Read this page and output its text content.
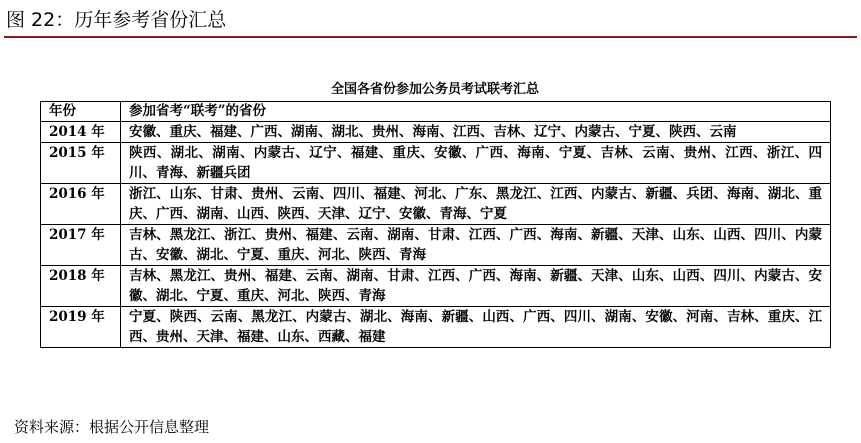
图 22：历年参考省份汇总
全国各省份参加公务员考试联考汇总
年份	参加省考“联考”的省份
2014 年	安徽、重庆、福建、广西、湖南、湖北、贵州、海南、江西、吉林、辽宁、内蒙古、宁夏、陕西、云南
2015 年	陕西、湖北、湖南、内蒙古、辽宁、福建、重庆、安徽、广西、海南、宁夏、吉林、云南、贵州、江西、浙江、四川、青海、新疆兵团
2016 年	浙江、山东、甘肃、贵州、云南、四川、福建、河北、广东、黑龙江、江西、内蒙古、新疆、兵团、海南、湖北、重庆、广西、湖南、山西、陕西、天津、辽宁、安徽、青海、宁夏
2017 年	吉林、黑龙江、浙江、贵州、福建、云南、湖南、甘肃、江西、广西、海南、新疆、天津、山东、山西、四川、内蒙古、安徽、湖北、宁夏、重庆、河北、陕西、青海
2018 年	吉林、黑龙江、贵州、福建、云南、湖南、甘肃、江西、广西、海南、新疆、天津、山东、山西、四川、内蒙古、安徽、湖北、宁夏、重庆、河北、陕西、青海
2019 年	宁夏、陕西、云南、黑龙江、内蒙古、湖北、海南、新疆、山西、广西、四川、湖南、安徽、河南、吉林、重庆、江西、贵州、天津、福建、山东、西藏、福建
资料来源：根据公开信息整理
